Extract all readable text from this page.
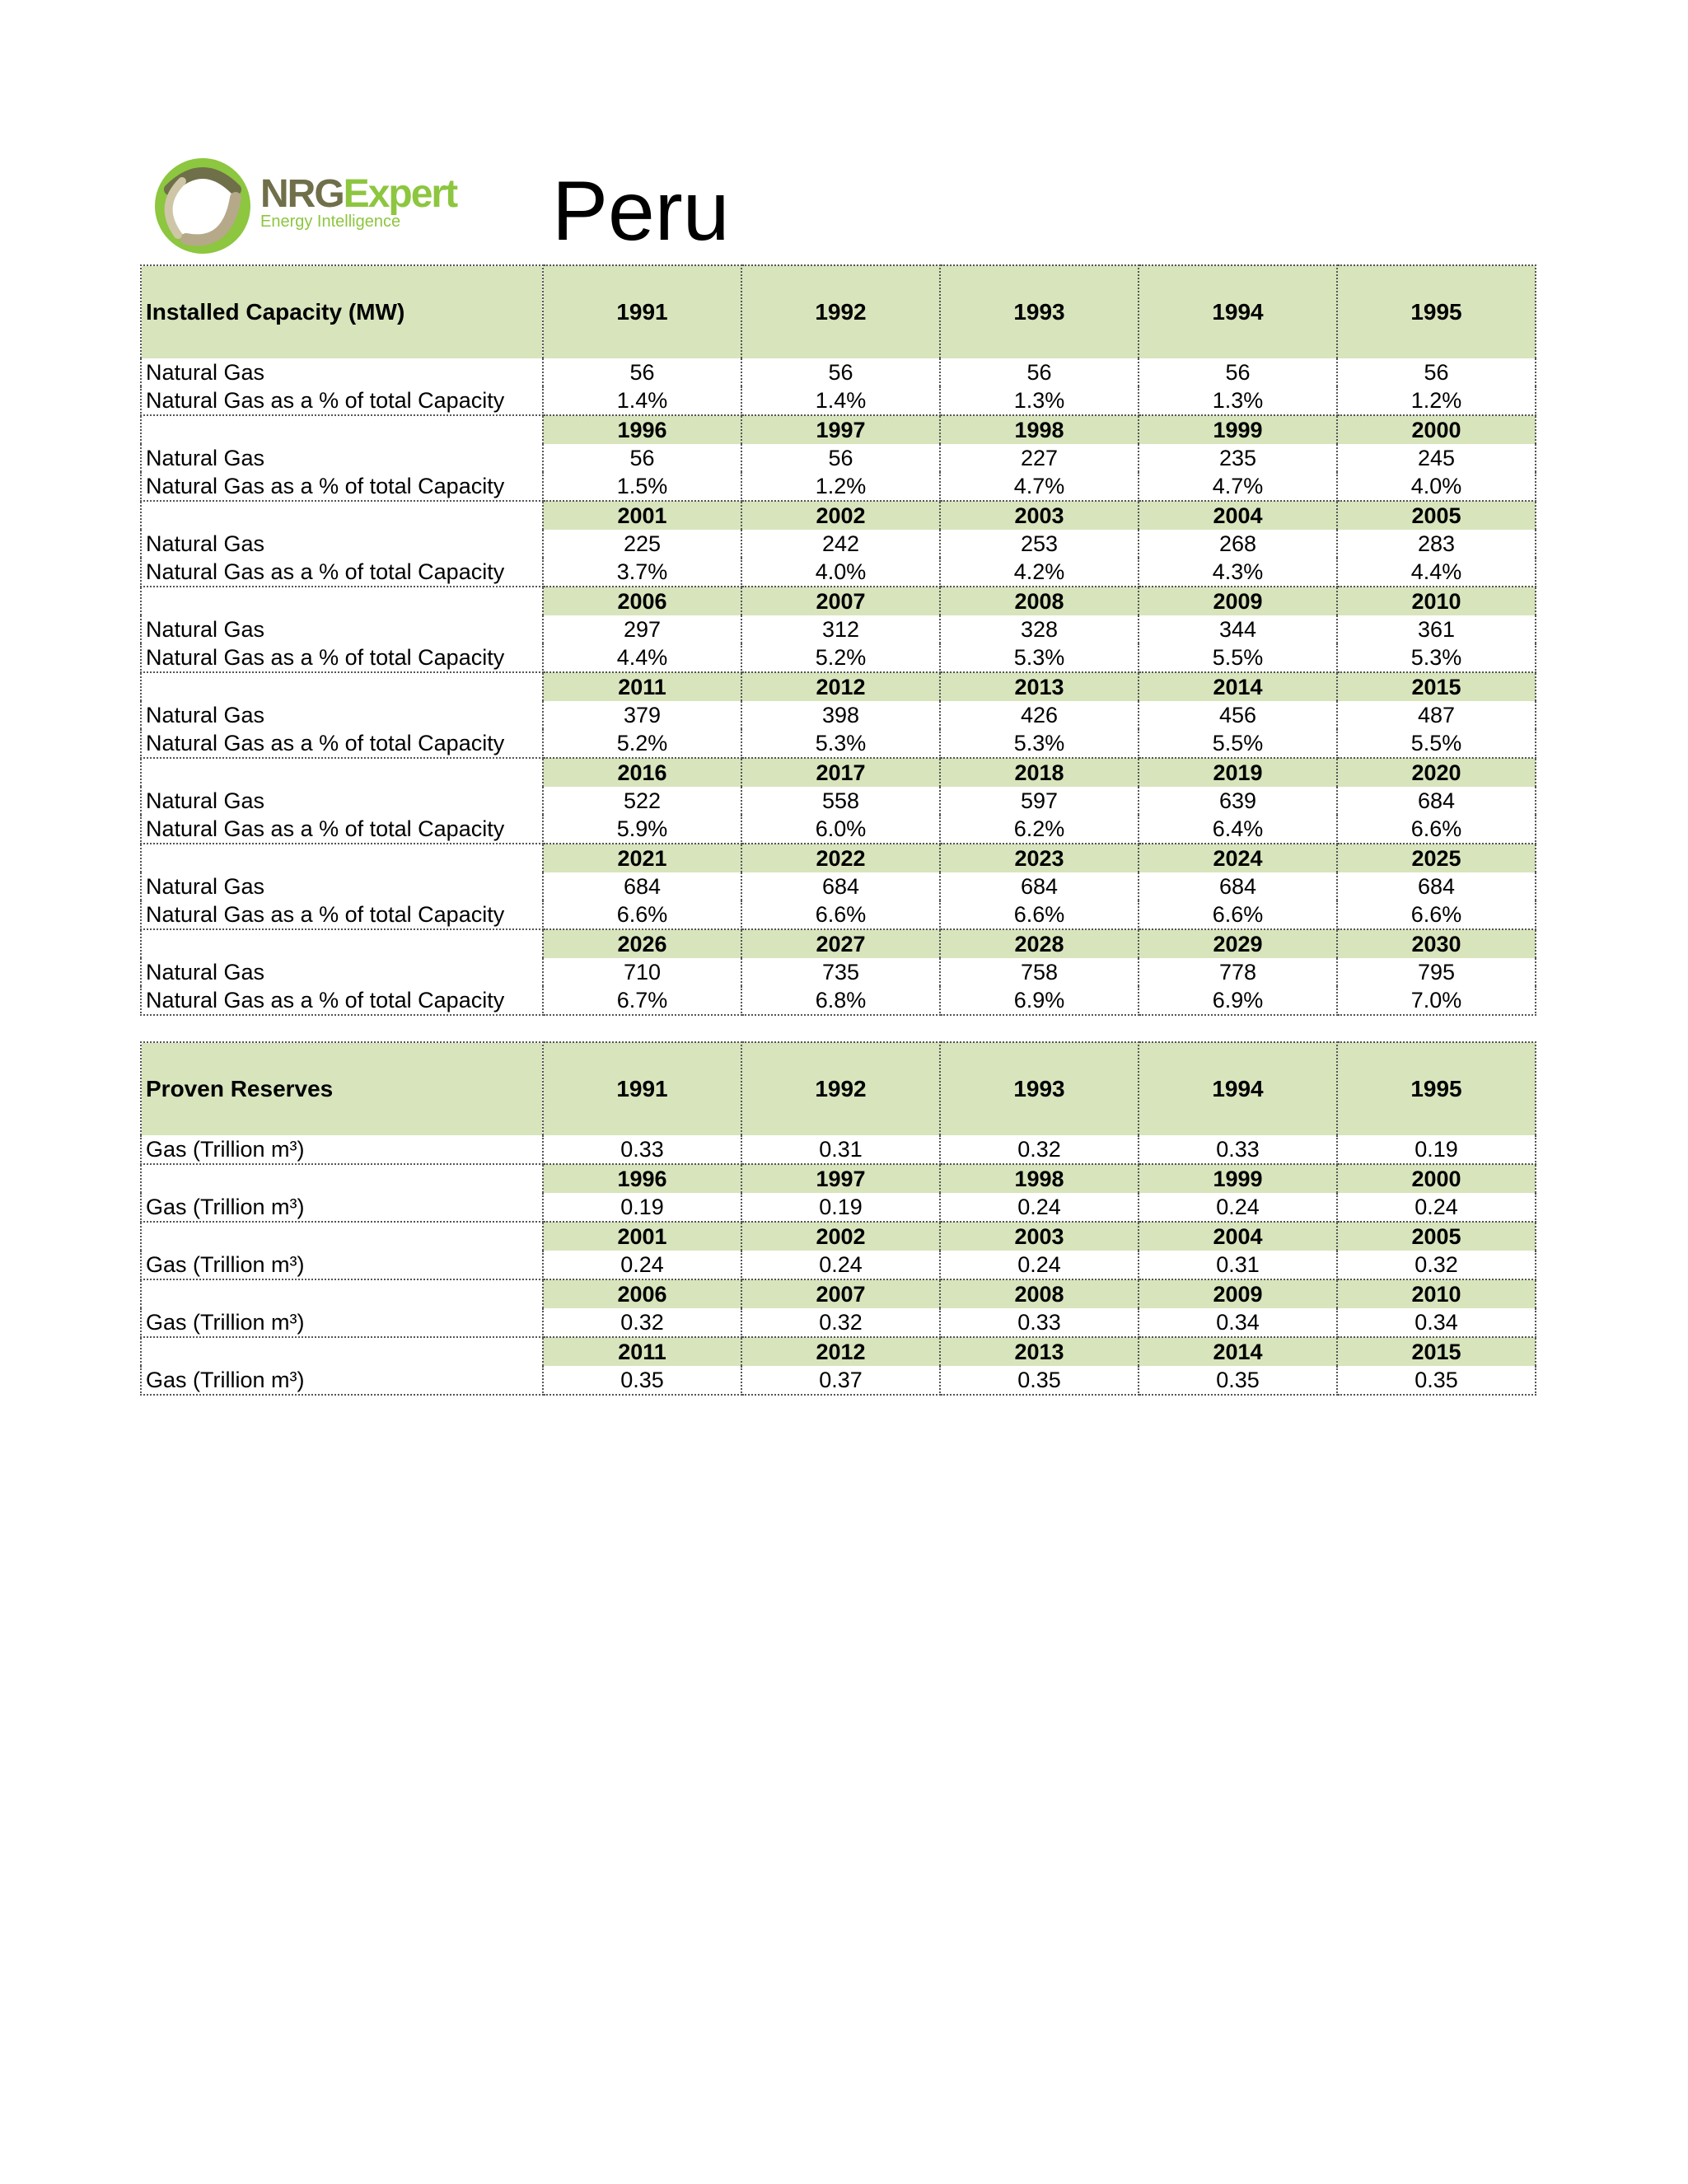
NRGExpert
Energy Intelligence	Peru
Installed Capacity (MW)	1991	1992	1993	1994	1995
Natural Gas	56	56	56	56	56
Natural Gas as a % of total Capacity	1.4%	1.4%	1.3%	1.3%	1.2%
	1996	1997	1998	1999	2000
Natural Gas	56	56	227	235	245
Natural Gas as a % of total Capacity	1.5%	1.2%	4.7%	4.7%	4.0%
	2001	2002	2003	2004	2005
Natural Gas	225	242	253	268	283
Natural Gas as a % of total Capacity	3.7%	4.0%	4.2%	4.3%	4.4%
	2006	2007	2008	2009	2010
Natural Gas	297	312	328	344	361
Natural Gas as a % of total Capacity	4.4%	5.2%	5.3%	5.5%	5.3%
	2011	2012	2013	2014	2015
Natural Gas	379	398	426	456	487
Natural Gas as a % of total Capacity	5.2%	5.3%	5.3%	5.5%	5.5%
	2016	2017	2018	2019	2020
Natural Gas	522	558	597	639	684
Natural Gas as a % of total Capacity	5.9%	6.0%	6.2%	6.4%	6.6%
	2021	2022	2023	2024	2025
Natural Gas	684	684	684	684	684
Natural Gas as a % of total Capacity	6.6%	6.6%	6.6%	6.6%	6.6%
	2026	2027	2028	2029	2030
Natural Gas	710	735	758	778	795
Natural Gas as a % of total Capacity	6.7%	6.8%	6.9%	6.9%	7.0%
Proven Reserves	1991	1992	1993	1994	1995
Gas (Trillion m³)	0.33	0.31	0.32	0.33	0.19
	1996	1997	1998	1999	2000
Gas (Trillion m³)	0.19	0.19	0.24	0.24	0.24
	2001	2002	2003	2004	2005
Gas (Trillion m³)	0.24	0.24	0.24	0.31	0.32
	2006	2007	2008	2009	2010
Gas (Trillion m³)	0.32	0.32	0.33	0.34	0.34
	2011	2012	2013	2014	2015
Gas (Trillion m³)	0.35	0.37	0.35	0.35	0.35
